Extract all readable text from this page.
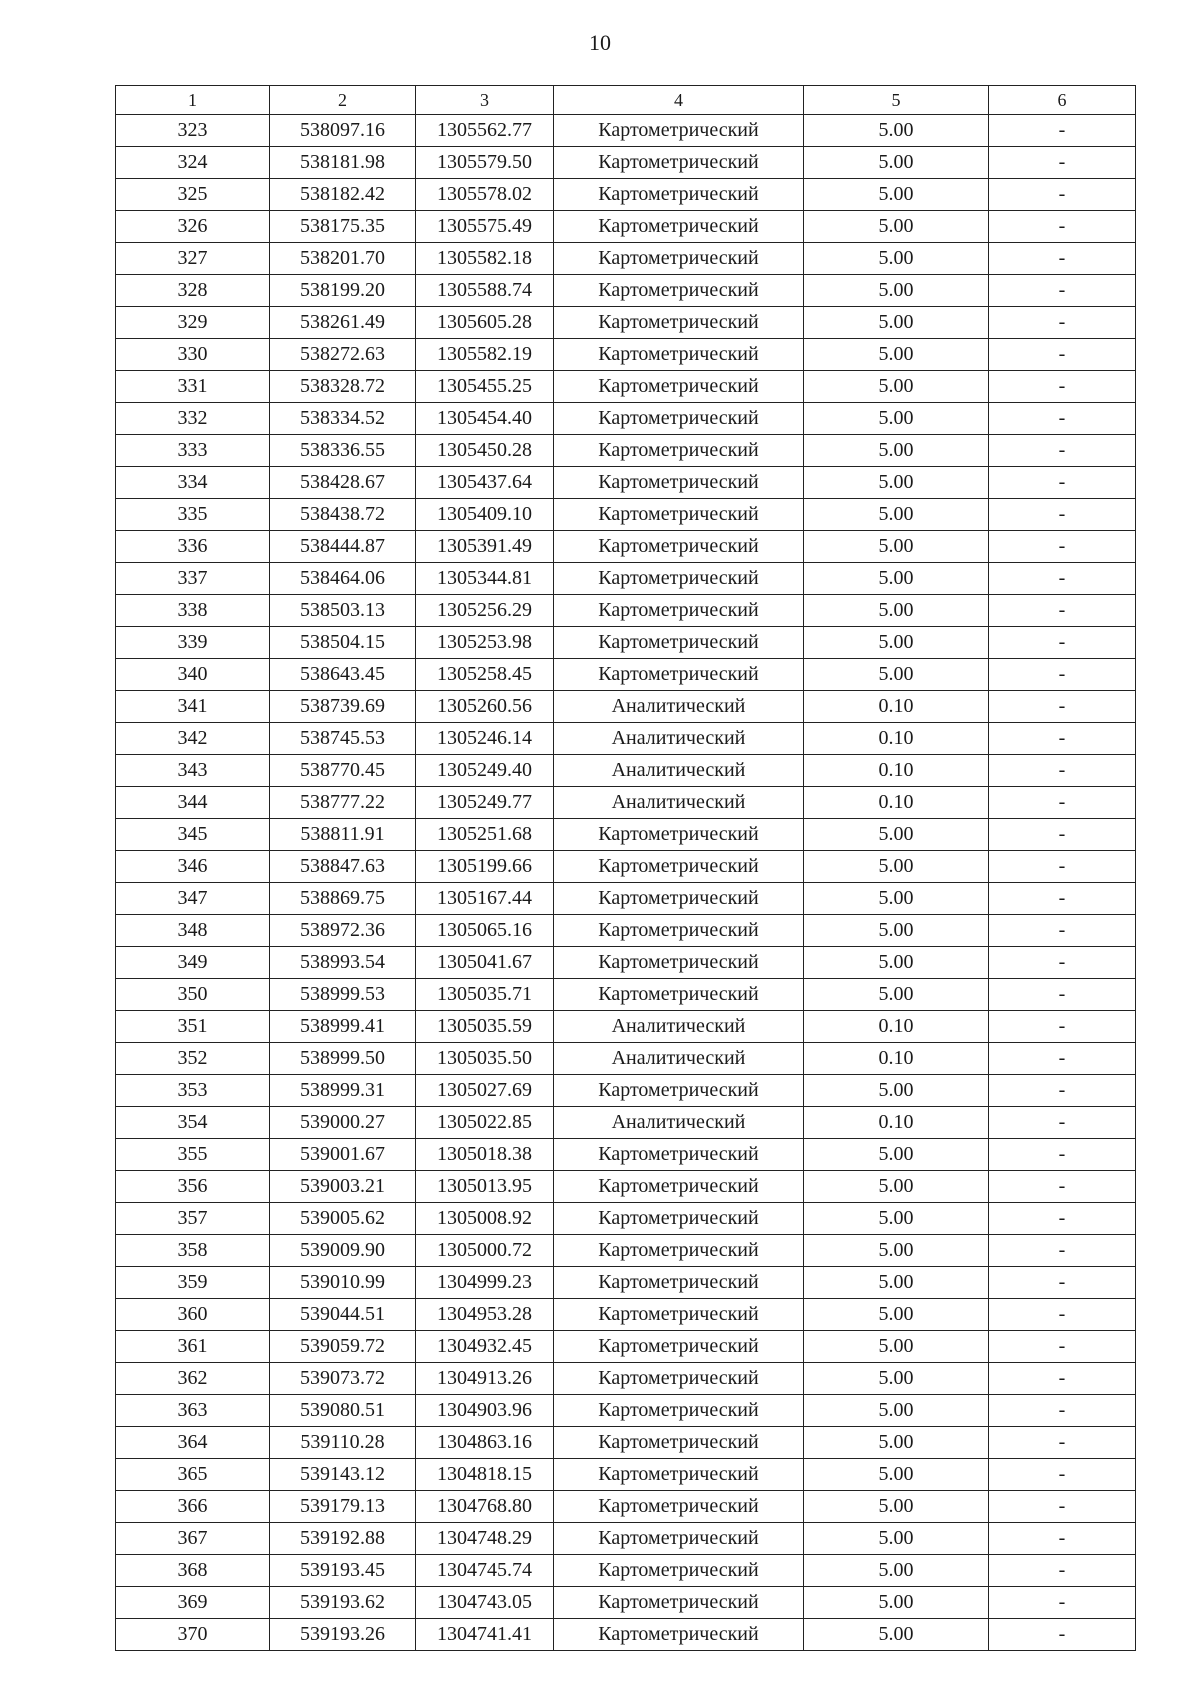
10
1	2	3	4	5	6
323	538097.16	1305562.77	Картометрический	5.00	-
324	538181.98	1305579.50	Картометрический	5.00	-
325	538182.42	1305578.02	Картометрический	5.00	-
326	538175.35	1305575.49	Картометрический	5.00	-
327	538201.70	1305582.18	Картометрический	5.00	-
328	538199.20	1305588.74	Картометрический	5.00	-
329	538261.49	1305605.28	Картометрический	5.00	-
330	538272.63	1305582.19	Картометрический	5.00	-
331	538328.72	1305455.25	Картометрический	5.00	-
332	538334.52	1305454.40	Картометрический	5.00	-
333	538336.55	1305450.28	Картометрический	5.00	-
334	538428.67	1305437.64	Картометрический	5.00	-
335	538438.72	1305409.10	Картометрический	5.00	-
336	538444.87	1305391.49	Картометрический	5.00	-
337	538464.06	1305344.81	Картометрический	5.00	-
338	538503.13	1305256.29	Картометрический	5.00	-
339	538504.15	1305253.98	Картометрический	5.00	-
340	538643.45	1305258.45	Картометрический	5.00	-
341	538739.69	1305260.56	Аналитический	0.10	-
342	538745.53	1305246.14	Аналитический	0.10	-
343	538770.45	1305249.40	Аналитический	0.10	-
344	538777.22	1305249.77	Аналитический	0.10	-
345	538811.91	1305251.68	Картометрический	5.00	-
346	538847.63	1305199.66	Картометрический	5.00	-
347	538869.75	1305167.44	Картометрический	5.00	-
348	538972.36	1305065.16	Картометрический	5.00	-
349	538993.54	1305041.67	Картометрический	5.00	-
350	538999.53	1305035.71	Картометрический	5.00	-
351	538999.41	1305035.59	Аналитический	0.10	-
352	538999.50	1305035.50	Аналитический	0.10	-
353	538999.31	1305027.69	Картометрический	5.00	-
354	539000.27	1305022.85	Аналитический	0.10	-
355	539001.67	1305018.38	Картометрический	5.00	-
356	539003.21	1305013.95	Картометрический	5.00	-
357	539005.62	1305008.92	Картометрический	5.00	-
358	539009.90	1305000.72	Картометрический	5.00	-
359	539010.99	1304999.23	Картометрический	5.00	-
360	539044.51	1304953.28	Картометрический	5.00	-
361	539059.72	1304932.45	Картометрический	5.00	-
362	539073.72	1304913.26	Картометрический	5.00	-
363	539080.51	1304903.96	Картометрический	5.00	-
364	539110.28	1304863.16	Картометрический	5.00	-
365	539143.12	1304818.15	Картометрический	5.00	-
366	539179.13	1304768.80	Картометрический	5.00	-
367	539192.88	1304748.29	Картометрический	5.00	-
368	539193.45	1304745.74	Картометрический	5.00	-
369	539193.62	1304743.05	Картометрический	5.00	-
370	539193.26	1304741.41	Картометрический	5.00	-
